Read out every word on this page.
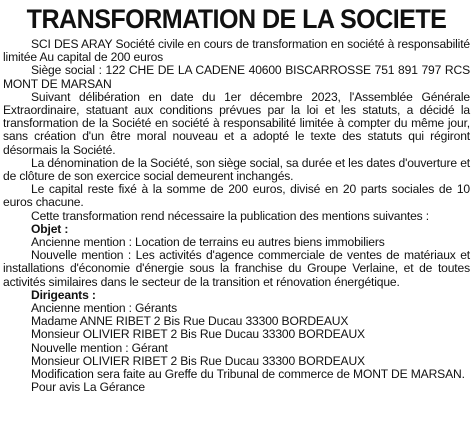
TRANSFORMATION DE LA SOCIETE

SCI DES ARAY Société civile en cours de transformation en société à responsabilité limitée Au capital de 200 euros

Siège social : 122 CHE DE LA CADENE 40600 BISCARROSSE 751 891 797 RCS MONT DE MARSAN

Suivant délibération en date du 1er décembre 2023, l'Assemblée Générale Extraordinaire, statuant aux conditions prévues par la loi et les statuts, a décidé la transformation de la Société en société à responsabilité limitée à compter du même jour, sans création d'un être moral nouveau et a adopté le texte des statuts qui régiront désormais la Société.

La dénomination de la Société, son siège social, sa durée et les dates d'ouverture et de clôture de son exercice social demeurent inchangés.

Le capital reste fixé à la somme de 200 euros, divisé en 20 parts sociales de 10 euros chacune.

Cette transformation rend nécessaire la publication des mentions suivantes :

Objet :

Ancienne mention : Location de terrains eu autres biens immobiliers

Nouvelle mention : Les activités d'agence commerciale de ventes de matériaux et installations d'économie d'énergie sous la franchise du Groupe Verlaine, et de toutes activités similaires dans le secteur de la transition et rénovation énergétique.

Dirigeants :

Ancienne mention : Gérants

Madame ANNE RIBET 2 Bis Rue Ducau 33300 BORDEAUX

Monsieur OLIVIER RIBET 2 Bis Rue Ducau 33300 BORDEAUX

Nouvelle mention : Gérant

Monsieur OLIVIER RIBET 2 Bis Rue Ducau 33300 BORDEAUX

Modification sera faite au Greffe du Tribunal de commerce de MONT DE MARSAN.

Pour avis La Gérance
